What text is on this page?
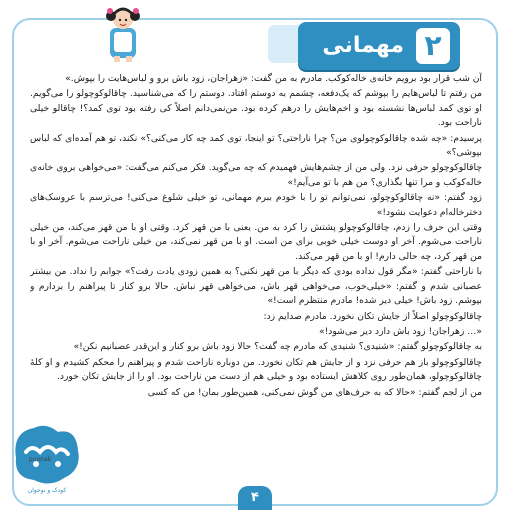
۲
مهمانی

آن شب قرار بود برویم خانه‌ی خاله‌کوکب. مادرم به من گفت: «زهراجان، زود باش برو و لباس‌هایت را بپوش.»

من رفتم تا لباس‌هایم را بپوشم که یک‌دفعه، چشمم به دوستم افتاد. دوستم را که می‌شناسید. چاقالوکوچولو را می‌گویم. او توی کمد لباس‌ها نشسته بود و اخم‌هایش را درهم کرده بود. من‌نمی‌دانم اصلاً کی رفته بود توی کمد؟! چاقالو خیلی ناراحت بود.

پرسیدم: «چه شده چاقالوکوچولوی من؟ چرا ناراحتی؟ تو اینجا، توی کمد چه کار می‌کنی؟» نکند، تو هم آمده‌ای که لباس بپوشی؟»

چاقالوکوچولو حرفی نزد. ولی من از چشم‌هایش فهمیدم که چه می‌گوید. فکر می‌کنم می‌گفت: «می‌خواهی بروی خانه‌ی خاله‌کوکب و مرا تنها بگذاری؟ من هم با تو می‌آیم!»

زود گفتم: «نه چاقالوکوچولو، نمی‌توانم تو را با خودم ببرم مهمانی، تو خیلی شلوغ می‌کنی! می‌ترسم با عروسک‌های دخترخاله‌ام دعوایت بشود!»

وقتی این حرف را زدم، چاقالوکوچولو پشتش را کرد به من. یعنی با من قهر کرد. وقتی او با من قهر می‌کند، من خیلی ناراحت می‌شوم. آخر او دوست خیلی خوبی برای من است. او با من قهر نمی‌کند، من خیلی ناراحت می‌شوم. آخر او با من قهر کرد، چه حالی دارم! او با من قهر می‌کند.

با ناراحتی گفتم: «مگر قول نداده بودی که دیگر با من قهر نکنی؟ به همین زودی یادت رفت؟» جوابم را نداد. من بیشتر عصبانی شدم و گفتم: «خیلی‌خوب، می‌خواهی قهر باش، می‌خواهی قهر نباش. حالا برو کنار تا پیراهنم را بردارم و بپوشم. زود باش! خیلی دیر شده! مادرم منتظرم است!»

چاقالوکوچولو اصلاً از جایش تکان نخورد. مادرم صدایم زد:

«… زهراجان! زود باش دارد دیر می‌شود!»

به چاقالوکوچولو گفتم: «شنیدی؟ شنیدی که مادرم چه گفت؟ حالا زود باش برو کنار و این‌قدر عصبانیم نکن!»

چاقالوکوچولو باز هم حرفی نزد و از جایش هم تکان نخورد. من دوباره ناراحت شدم و پیراهنم را محکم کشیدم و او کلهٔ چاقالوکوچولو، همان‌طور روی کلاهش ایستاده بود و خیلی هم از دست من ناراحت بود. او را از جایش تکان خورد.

من از لجم گفتم: «حالا که به حرف‌های من گوش نمی‌کنی، همین‌طور بمان! من که کسی

۴
puonak
کودک و نوجوان
